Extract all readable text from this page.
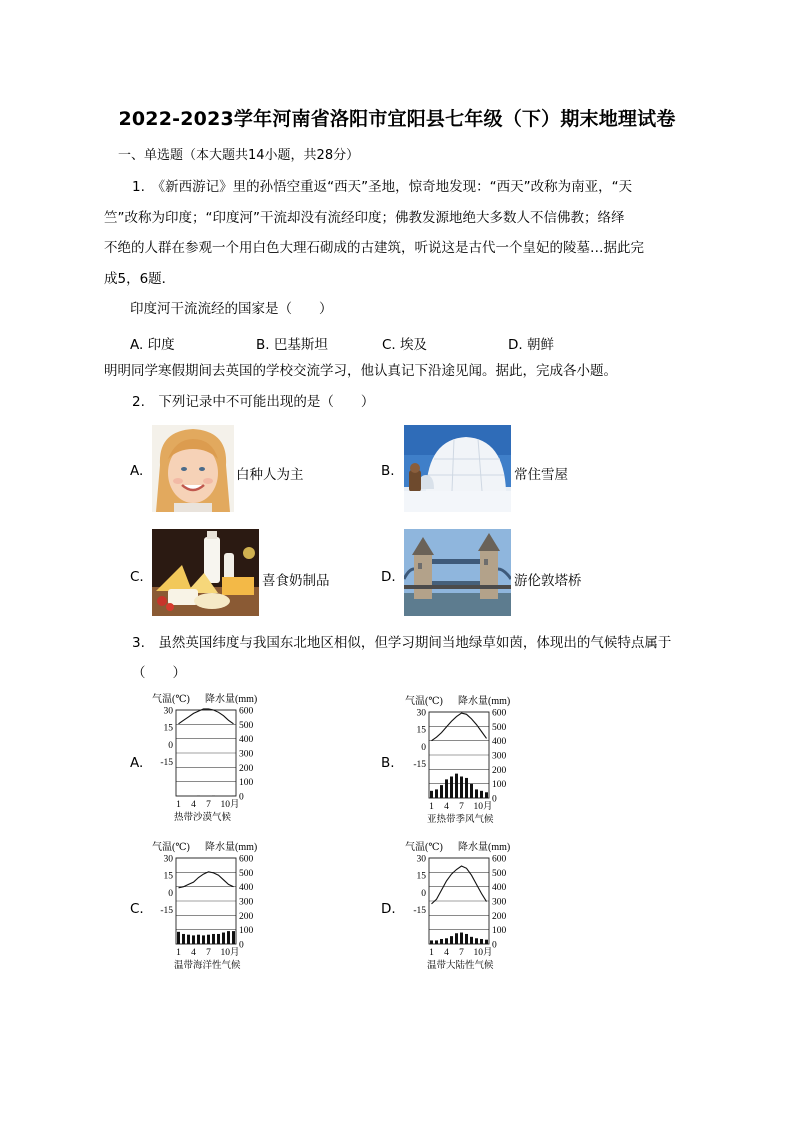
2022-2023学年河南省洛阳市宜阳县七年级（下）期末地理试卷
一、单选题（本大题共14小题，共28分）
1.　《新西游记》里的孙悟空重返“西天”圣地，惊奇地发现：“西天”改称为南亚，“天
竺”改称为印度；“印度河”干流却没有流经印度；佛教发源地绝大多数人不信佛教；络绎
不绝的人群在参观一个用白色大理石砌成的古建筑，听说这是古代一个皇妃的陵墓…据此完
成5，6题．
印度河干流流经的国家是（　　）
A. 印度	B. 巴基斯坦	C. 埃及	D. 朝鲜
明明同学寒假期间去英国的学校交流学习，他认真记下沿途见闻。据此，完成各小题。
2.　下列记录中不可能出现的是（　　）
A.	白种人为主	B.	常住雪屋
C.	喜食奶制品	D.	游伦敦塔桥
3.　虽然英国纬度与我国东北地区相似，但学习期间当地绿草如茵，体现出的气候特点属于
（　　）
A.	B.
C.	D.
气温(℃) 降水量(mm)
600
500
400
300
200
100
0
30
15
0
-15
1 4 7 10月
热带沙漠气候
气温(℃) 降水量(mm)
600
500
400
300
200
100
0
30
15
0
-15
1 4 7 10月
亚热带季风气候
气温(℃) 降水量(mm)
600
500
400
300
200
100
0
30
15
0
-15
1 4 7 10月
温带海洋性气候
气温(℃) 降水量(mm)
600
500
400
300
200
100
0
30
15
0
-15
1 4 7 10月
温带大陆性气候
